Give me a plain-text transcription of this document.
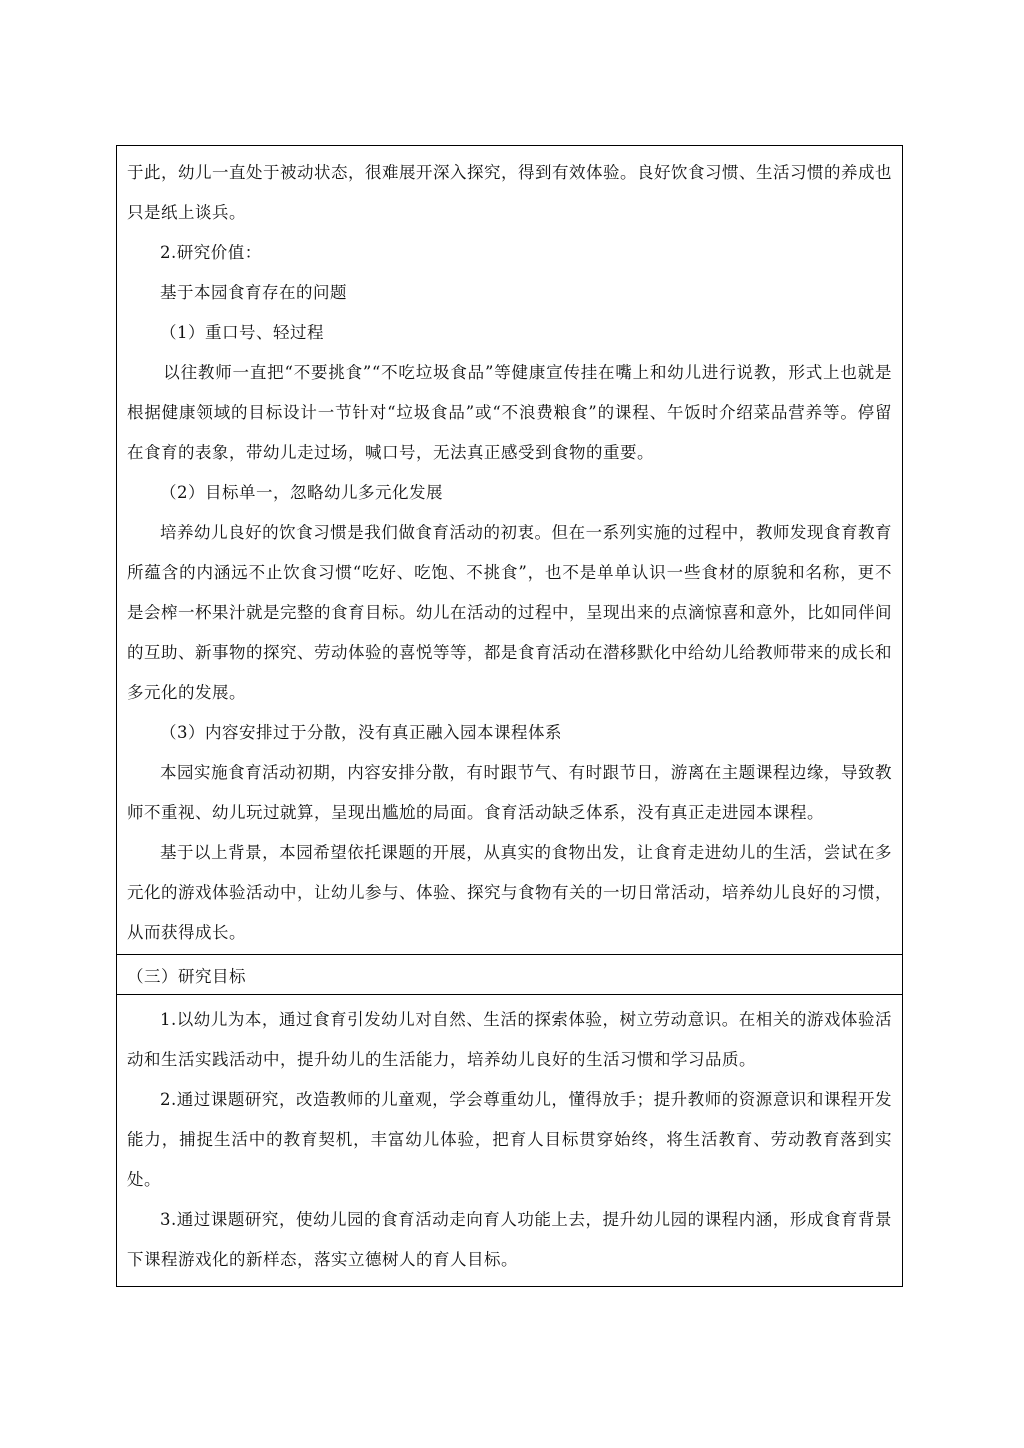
于此，幼儿一直处于被动状态，很难展开深入探究，得到有效体验。良好饮食习惯、生活习惯的养成也只是纸上谈兵。

2.研究价值：

基于本园食育存在的问题

（1）重口号、轻过程

以往教师一直把“不要挑食”“不吃垃圾食品”等健康宣传挂在嘴上和幼儿进行说教，形式上也就是根据健康领域的目标设计一节针对“垃圾食品”或“不浪费粮食”的课程、午饭时介绍菜品营养等。停留在食育的表象，带幼儿走过场，喊口号，无法真正感受到食物的重要。

（2）目标单一，忽略幼儿多元化发展

培养幼儿良好的饮食习惯是我们做食育活动的初衷。但在一系列实施的过程中，教师发现食育教育所蕴含的内涵远不止饮食习惯“吃好、吃饱、不挑食”，也不是单单认识一些食材的原貌和名称，更不是会榨一杯果汁就是完整的食育目标。幼儿在活动的过程中，呈现出来的点滴惊喜和意外，比如同伴间的互助、新事物的探究、劳动体验的喜悦等等，都是食育活动在潜移默化中给幼儿给教师带来的成长和多元化的发展。

（3）内容安排过于分散，没有真正融入园本课程体系

本园实施食育活动初期，内容安排分散，有时跟节气、有时跟节日，游离在主题课程边缘，导致教师不重视、幼儿玩过就算，呈现出尴尬的局面。食育活动缺乏体系，没有真正走进园本课程。

基于以上背景，本园希望依托课题的开展，从真实的食物出发，让食育走进幼儿的生活，尝试在多元化的游戏体验活动中，让幼儿参与、体验、探究与食物有关的一切日常活动，培养幼儿良好的习惯，从而获得成长。

（三）研究目标

1.以幼儿为本，通过食育引发幼儿对自然、生活的探索体验，树立劳动意识。在相关的游戏体验活动和生活实践活动中，提升幼儿的生活能力，培养幼儿良好的生活习惯和学习品质。

2.通过课题研究，改造教师的儿童观，学会尊重幼儿，懂得放手；提升教师的资源意识和课程开发能力，捕捉生活中的教育契机，丰富幼儿体验，把育人目标贯穿始终，将生活教育、劳动教育落到实处。

3.通过课题研究，使幼儿园的食育活动走向育人功能上去，提升幼儿园的课程内涵，形成食育背景下课程游戏化的新样态，落实立德树人的育人目标。
